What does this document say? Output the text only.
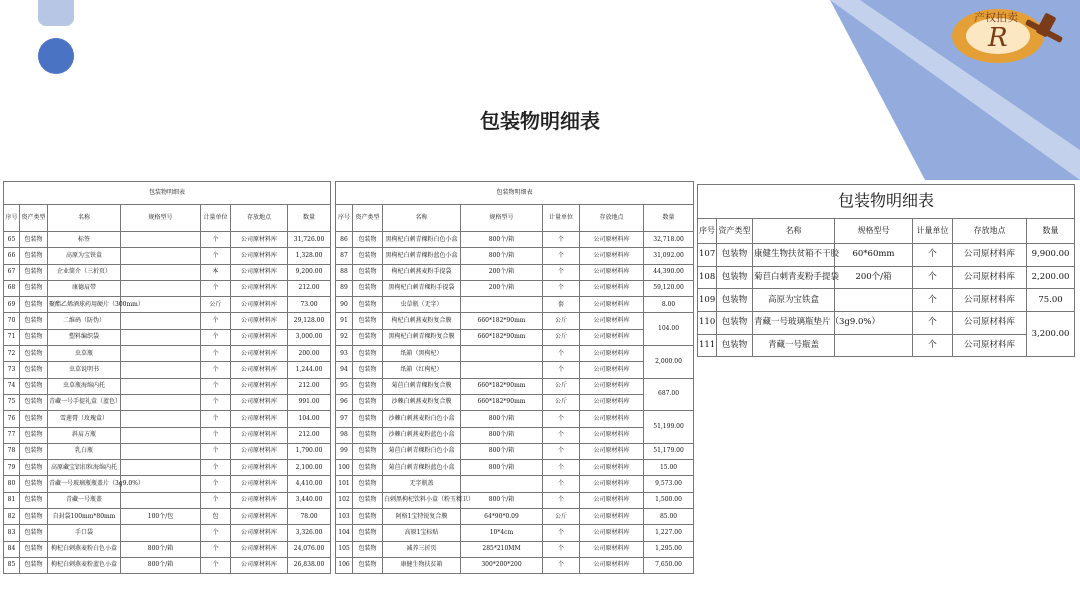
R
产权拍卖
包装物明细表
包装物明细表						
序号	资产类型	名称	规格型号	计量单位	存放地点	数量
65	包装物	标签		个	公司原材料库	31,726.00
66	包装物	高原为宝铁盒		个	公司原材料库	1,328.00
67	包装物	企业简介（三折页）		本	公司原材料库	9,200.00
68	包装物	康德肩带		个	公司原材料库	212.00
69	包装物	聚酯乙烯酒球药用硬片（300mm）		公斤	公司原材料库	73.00
70	包装物	二维码（防伪）		个	公司原材料库	29,128.00
71	包装物	塑料编织袋		个	公司原材料库	3,000.00
72	包装物	虫草瓶		个	公司原材料库	200.00
73	包装物	虫草说明书		个	公司原材料库	1,244.00
74	包装物	虫草瓶海绵内托		个	公司原材料库	212.00
75	包装物	青藏一号手提礼盒（蓝色）		个	公司原材料库	991.00
76	包装物	雪莲膏（玫瑰盒）		个	公司原材料库	104.00
77	包装物	斜肩方瓶		个	公司原材料库	212.00
78	包装物	乳白瓶		个	公司原材料库	1,790.00
79	包装物	高原藏宝铝扣粒海绵内托		个	公司原材料库	2,100.00
80	包装物	青藏一号玻璃瓶瓶盖片（3g9.0%）		个	公司原材料库	4,410.00
81	包装物	青藏一号瓶盖		个	公司原材料库	3,440.00
82	包装物	自封袋100mm*80mm	100个/包	包	公司原材料库	78.00
83	包装物	手口袋		个	公司原材料库	3,326.00
84	包装物	枸杞白刺燕麦粉白色小盒	800个/箱	个	公司原材料库	24,076.00
85	包装物	枸杞白刺燕麦粉蓝色小盒	800个/箱	个	公司原材料库	26,838.00
包装物明细表						
序号	资产类型	名称	规格型号	计量单位	存放地点	数量
86	包装物	黑枸杞白刺青稞粉白色小盒	800个/箱	个	公司原材料库	32,718.00
87	包装物	黑枸杞白刺青稞粉蓝色小盒	800个/箱	个	公司原材料库	31,092.00
88	包装物	枸杞白刺燕麦粉手提袋	200个/箱	个	公司原材料库	44,390.00
89	包装物	黑枸杞白刺青稞粉手提袋	200个/箱	个	公司原材料库	59,120.00
90	包装物	虫草瓶（无字）		套	公司原材料库	8.00
91	包装物	枸杞白刺燕麦粉复合膜	660*182*90mm	公斤	公司原材料库	104.00
92	包装物	黑枸杞白刺青稞粉复合膜	660*182*90mm	公斤	公司原材料库	
93	包装物	纸箱（黑枸杞）		个	公司原材料库	2,000.00
94	包装物	纸箱（红枸杞）		个	公司原材料库	
95	包装物	菊苣白刺青稞粉复合膜	660*182*90mm	公斤	公司原材料库	687.00
96	包装物	沙棘白刺燕麦粉复合膜	660*182*90mm	公斤	公司原材料库	
97	包装物	沙棘白刺燕麦粉白色小盒	800个/箱	个	公司原材料库	51,199.00
98	包装物	沙棘白刺燕麦粉蓝色小盒	800个/箱	个	公司原材料库	
99	包装物	菊苣白刺青稞粉白色小盒	800个/箱	个	公司原材料库	51,179.00
100	包装物	菊苣白刺青稞粉蓝色小盒	800个/箱	个	公司原材料库	15.00
101	包装物	无字瓶盖		个	公司原材料库	9,573.00
102	包装物	白刺黑枸杞饮料小盒（粉玉精卫）	800个/箱	个	公司原材料库	1,500.00
103	包装物	阿格1宝特锐复合膜	64*90*0.09	公斤	公司原材料库	85.00
104	包装物	高原1宝标贴	10*4cm	个	公司原材料库	1,227.00
105	包装物	减养三折页	285*210MM	个	公司原材料库	1,295.00
106	包装物	康健生物扶贫箱	300*200*200	个	公司原材料库	7,650.00
包装物明细表						
序号	资产类型	名称	规格型号	计量单位	存放地点	数量
107	包装物	康健生物扶贫箱不干胶	60*60mm	个	公司原材料库	9,900.00
108	包装物	菊苣白刺青麦粉手提袋	200个/箱	个	公司原材料库	2,200.00
109	包装物	高原为宝铁盒		个	公司原材料库	75.00
110	包装物	青藏一号玻璃瓶垫片（3g9.0%）		个	公司原材料库	3,200.00
111	包装物	青藏一号瓶盖		个	公司原材料库	
